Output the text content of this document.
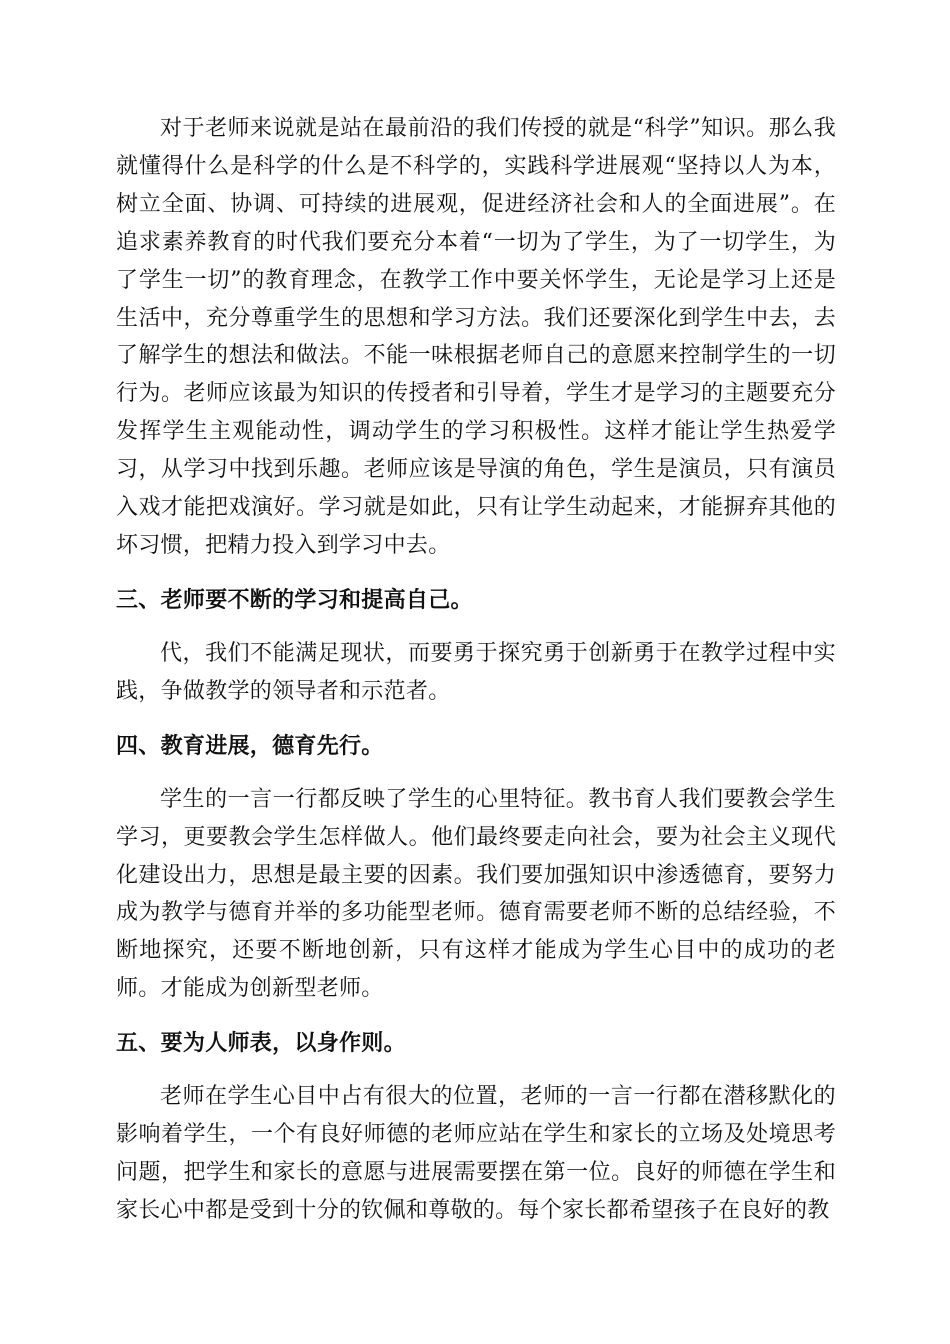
对于老师来说就是站在最前沿的我们传授的就是“科学”知识。那么我就懂得什么是科学的什么是不科学的，实践科学进展观“坚持以人为本，树立全面、协调、可持续的进展观，促进经济社会和人的全面进展”。在追求素养教育的时代我们要充分本着“一切为了学生，为了一切学生，为了学生一切”的教育理念，在教学工作中要关怀学生，无论是学习上还是生活中，充分尊重学生的思想和学习方法。我们还要深化到学生中去，去了解学生的想法和做法。不能一味根据老师自己的意愿来控制学生的一切行为。老师应该最为知识的传授者和引导着，学生才是学习的主题要充分发挥学生主观能动性，调动学生的学习积极性。这样才能让学生热爱学习，从学习中找到乐趣。老师应该是导演的角色，学生是演员，只有演员入戏才能把戏演好。学习就是如此，只有让学生动起来，才能摒弃其他的坏习惯，把精力投入到学习中去。

三、老师要不断的学习和提高自己。

代，我们不能满足现状，而要勇于探究勇于创新勇于在教学过程中实践，争做教学的领导者和示范者。

四、教育进展，德育先行。

学生的一言一行都反映了学生的心里特征。教书育人我们要教会学生学习，更要教会学生怎样做人。他们最终要走向社会，要为社会主义现代化建设出力，思想是最主要的因素。我们要加强知识中渗透德育，要努力成为教学与德育并举的多功能型老师。德育需要老师不断的总结经验，不断地探究，还要不断地创新，只有这样才能成为学生心目中的成功的老师。才能成为创新型老师。

五、要为人师表，以身作则。

老师在学生心目中占有很大的位置，老师的一言一行都在潜移默化的影响着学生，一个有良好师德的老师应站在学生和家长的立场及处境思考问题，把学生和家长的意愿与进展需要摆在第一位。良好的师德在学生和家长心中都是受到十分的钦佩和尊敬的。每个家长都希望孩子在良好的教
